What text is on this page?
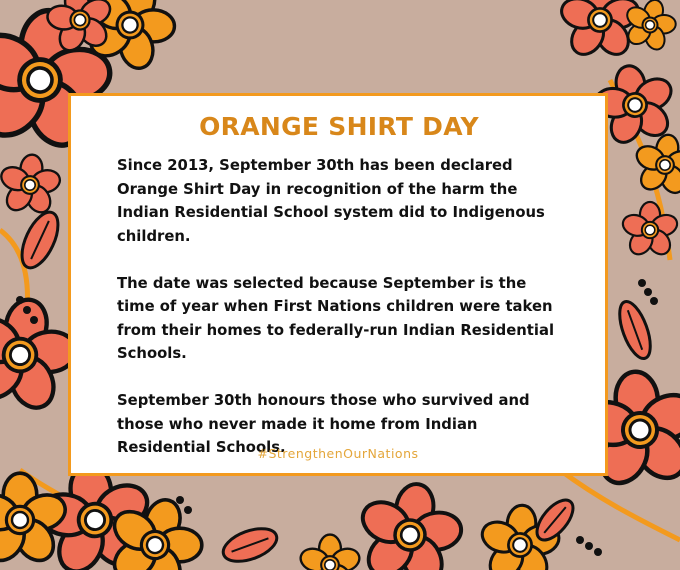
ORANGE SHIRT DAY

Since 2013, September 30th has been declared Orange Shirt Day in recognition of the harm the Indian Residential School system did to Indigenous children.

The date was selected because September is the time of year when First Nations children were taken from their homes to federally-run Indian Residential Schools.

September 30th honours those who survived and those who never made it home from Indian Residential Schools.

#StrengthenOurNations
